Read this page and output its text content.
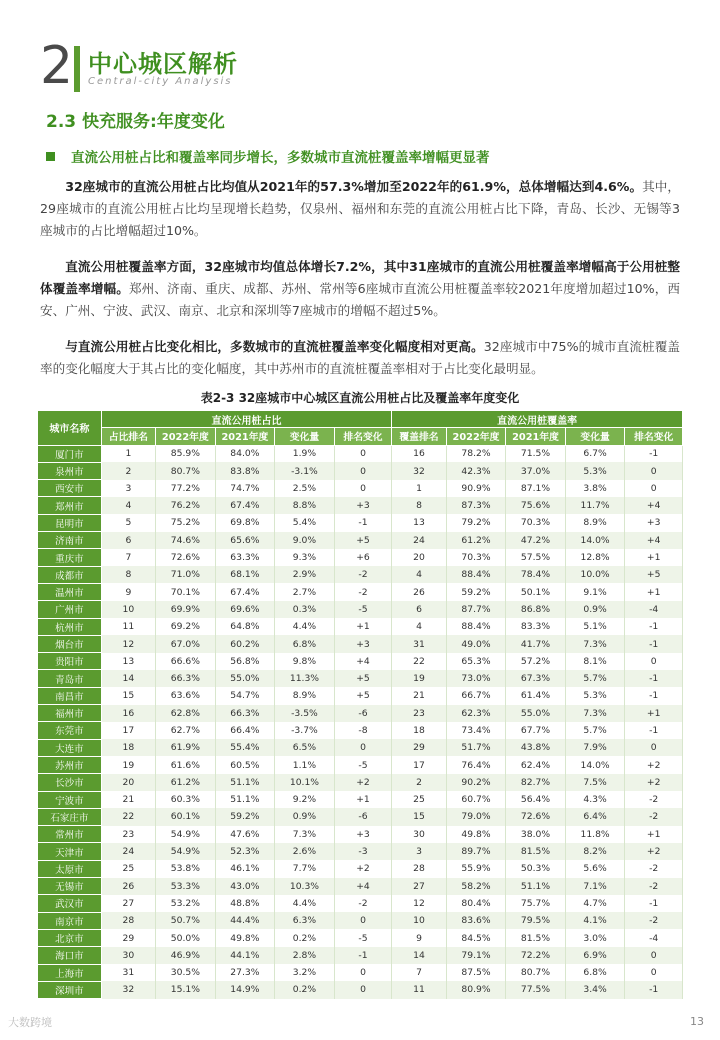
2 中心城区解析
Central-city Analysis
2.3 快充服务:年度变化
直流公用桩占比和覆盖率同步增长，多数城市直流桩覆盖率增幅更显著
32座城市的直流公用桩占比均值从2021年的57.3%增加至2022年的61.9%，总体增幅达到4.6%。其中，29座城市的直流公用桩占比均呈现增长趋势，仅泉州、福州和东莞的直流公用桩占比下降，青岛、长沙、无锡等3座城市的占比增幅超过10%。
直流公用桩覆盖率方面，32座城市均值总体增长7.2%，其中31座城市的直流公用桩覆盖率增幅高于公用桩整体覆盖率增幅。郑州、济南、重庆、成都、苏州、常州等6座城市直流公用桩覆盖率较2021年度增加超过10%，西安、广州、宁波、武汉、南京、北京和深圳等7座城市的增幅不超过5%。
与直流公用桩占比变化相比，多数城市的直流桩覆盖率变化幅度相对更高。32座城市中75%的城市直流桩覆盖率的变化幅度大于其占比的变化幅度，其中苏州市的直流桩覆盖率相对于占比变化最明显。
表2-3 32座城市中心城区直流公用桩占比及覆盖率年度变化
城市名称	直流公用桩占比					直流公用桩覆盖率				
	占比排名	2022年度	2021年度	变化量	排名变化	覆盖排名	2022年度	2021年度	变化量	排名变化
厦门市	1	85.9%	84.0%	1.9%	0	16	78.2%	71.5%	6.7%	-1
泉州市	2	80.7%	83.8%	-3.1%	0	32	42.3%	37.0%	5.3%	0
西安市	3	77.2%	74.7%	2.5%	0	1	90.9%	87.1%	3.8%	0
郑州市	4	76.2%	67.4%	8.8%	+3	8	87.3%	75.6%	11.7%	+4
昆明市	5	75.2%	69.8%	5.4%	-1	13	79.2%	70.3%	8.9%	+3
济南市	6	74.6%	65.6%	9.0%	+5	24	61.2%	47.2%	14.0%	+4
重庆市	7	72.6%	63.3%	9.3%	+6	20	70.3%	57.5%	12.8%	+1
成都市	8	71.0%	68.1%	2.9%	-2	4	88.4%	78.4%	10.0%	+5
温州市	9	70.1%	67.4%	2.7%	-2	26	59.2%	50.1%	9.1%	+1
广州市	10	69.9%	69.6%	0.3%	-5	6	87.7%	86.8%	0.9%	-4
杭州市	11	69.2%	64.8%	4.4%	+1	4	88.4%	83.3%	5.1%	-1
烟台市	12	67.0%	60.2%	6.8%	+3	31	49.0%	41.7%	7.3%	-1
贵阳市	13	66.6%	56.8%	9.8%	+4	22	65.3%	57.2%	8.1%	0
青岛市	14	66.3%	55.0%	11.3%	+5	19	73.0%	67.3%	5.7%	-1
南昌市	15	63.6%	54.7%	8.9%	+5	21	66.7%	61.4%	5.3%	-1
福州市	16	62.8%	66.3%	-3.5%	-6	23	62.3%	55.0%	7.3%	+1
东莞市	17	62.7%	66.4%	-3.7%	-8	18	73.4%	67.7%	5.7%	-1
大连市	18	61.9%	55.4%	6.5%	0	29	51.7%	43.8%	7.9%	0
苏州市	19	61.6%	60.5%	1.1%	-5	17	76.4%	62.4%	14.0%	+2
长沙市	20	61.2%	51.1%	10.1%	+2	2	90.2%	82.7%	7.5%	+2
宁波市	21	60.3%	51.1%	9.2%	+1	25	60.7%	56.4%	4.3%	-2
石家庄市	22	60.1%	59.2%	0.9%	-6	15	79.0%	72.6%	6.4%	-2
常州市	23	54.9%	47.6%	7.3%	+3	30	49.8%	38.0%	11.8%	+1
天津市	24	54.9%	52.3%	2.6%	-3	3	89.7%	81.5%	8.2%	+2
太原市	25	53.8%	46.1%	7.7%	+2	28	55.9%	50.3%	5.6%	-2
无锡市	26	53.3%	43.0%	10.3%	+4	27	58.2%	51.1%	7.1%	-2
武汉市	27	53.2%	48.8%	4.4%	-2	12	80.4%	75.7%	4.7%	-1
南京市	28	50.7%	44.4%	6.3%	0	10	83.6%	79.5%	4.1%	-2
北京市	29	50.0%	49.8%	0.2%	-5	9	84.5%	81.5%	3.0%	-4
海口市	30	46.9%	44.1%	2.8%	-1	14	79.1%	72.2%	6.9%	0
上海市	31	30.5%	27.3%	3.2%	0	7	87.5%	80.7%	6.8%	0
深圳市	32	15.1%	14.9%	0.2%	0	11	80.9%	77.5%	3.4%	-1
大数跨境	13
